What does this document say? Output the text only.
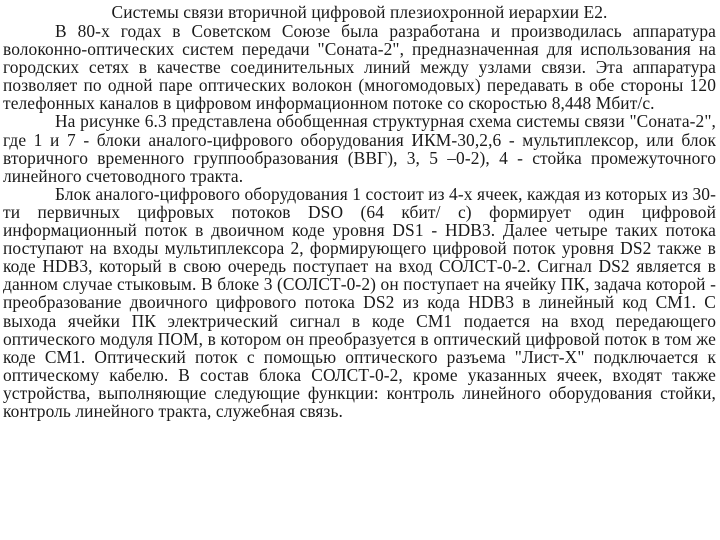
Системы связи вторичной цифровой плезиохронной иерархии Е2.

В 80-х годах в Советском Союзе была разработана и производилась аппаратура волоконно-оптических систем передачи "Соната-2", предназначенная для использования на городских сетях в качестве соединительных линий между узлами связи. Эта аппаратура позволяет по одной паре оптических волокон (многомодовых) передавать в обе стороны 120 телефонных каналов в цифровом информационном потоке со скоростью 8,448 Мбит/с.

На рисунке 6.3 представлена обобщенная структурная схема системы связи "Соната-2", где 1 и 7 - блоки аналого-цифрового оборудования ИКМ-30,2,6 - мультиплексор, или блок вторичного временного группообразования (ВВГ), 3, 5 –0-2), 4 - стойка промежуточного линейного счетоводного тракта.

Блок аналого-цифрового оборудования 1 состоит из 4-х ячеек, каждая из которых из 30-ти первичных цифровых потоков DSO (64 кбит/ с) формирует один цифровой информационный поток в двоичном коде уровня DS1 - HDB3. Далее четыре таких потока поступают на входы мультиплексора 2, формирующего цифровой поток уровня DS2 также в коде HDB3, который в свою очередь поступает на вход СОЛСТ-0-2. Сигнал DS2 является в данном случае стыковым. В блоке 3 (СОЛСТ-0-2) он поступает на ячейку ПК, задача которой - преобразование двоичного цифрового потока DS2 из кода HDB3 в линейный код CM1. С выхода ячейки ПК электрический сигнал в коде CM1 подается на вход передающего оптического модуля ПОМ, в котором он преобразуется в оптический цифровой поток в том же коде CM1. Оптический поток с помощью оптического разъема "Лист-Х" подключается к оптическому кабелю. В состав блока СОЛСТ-0-2, кроме указанных ячеек, входят также устройства, выполняющие следующие функции: контроль линейного оборудования стойки, контроль линейного тракта, служебная связь.
